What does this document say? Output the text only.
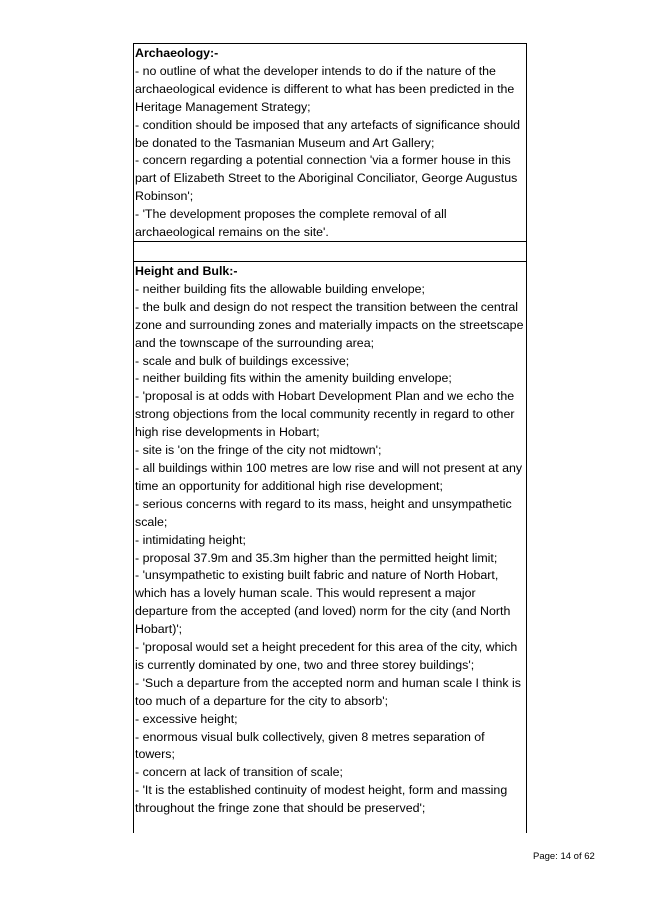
Archaeology:-

- no outline of what the developer intends to do if the nature of the archaeological evidence is different to what has been predicted in the Heritage Management Strategy;

- condition should be imposed that any artefacts of significance should be donated to the Tasmanian Museum and Art Gallery;

- concern regarding a potential connection 'via a former house in this part of Elizabeth Street to the Aboriginal Conciliator, George Augustus Robinson';

- 'The development proposes the complete removal of all archaeological remains on the site'.

Height and Bulk:-

- neither building fits the allowable building envelope;

- the bulk and design do not respect the transition between the central zone and surrounding zones and materially impacts on the streetscape and the townscape of the surrounding area;

- scale and bulk of buildings excessive;

- neither building fits within the amenity building envelope;

- 'proposal is at odds with Hobart Development Plan and we echo the strong objections from the local community recently in regard to other high rise developments in Hobart;

- site is 'on the fringe of the city not midtown';

- all buildings within 100 metres are low rise and will not present at any time an opportunity for additional high rise development;

- serious concerns with regard to its mass, height and unsympathetic scale;

- intimidating height;

- proposal 37.9m and 35.3m higher than the permitted height limit;

- 'unsympathetic to existing built fabric and nature of North Hobart, which has a lovely human scale. This would represent a major departure from the accepted (and loved) norm for the city (and North Hobart)';

- 'proposal would set a height precedent for this area of the city, which is currently dominated by one, two and three storey buildings';

- 'Such a departure from the accepted norm and human scale I think is too much of a departure for the city to absorb';

- excessive height;

- enormous visual bulk collectively, given 8 metres separation of towers;

- concern at lack of transition of scale;

- 'It is the established continuity of modest height, form and massing throughout the fringe zone that should be preserved';

Page: 14 of 62
